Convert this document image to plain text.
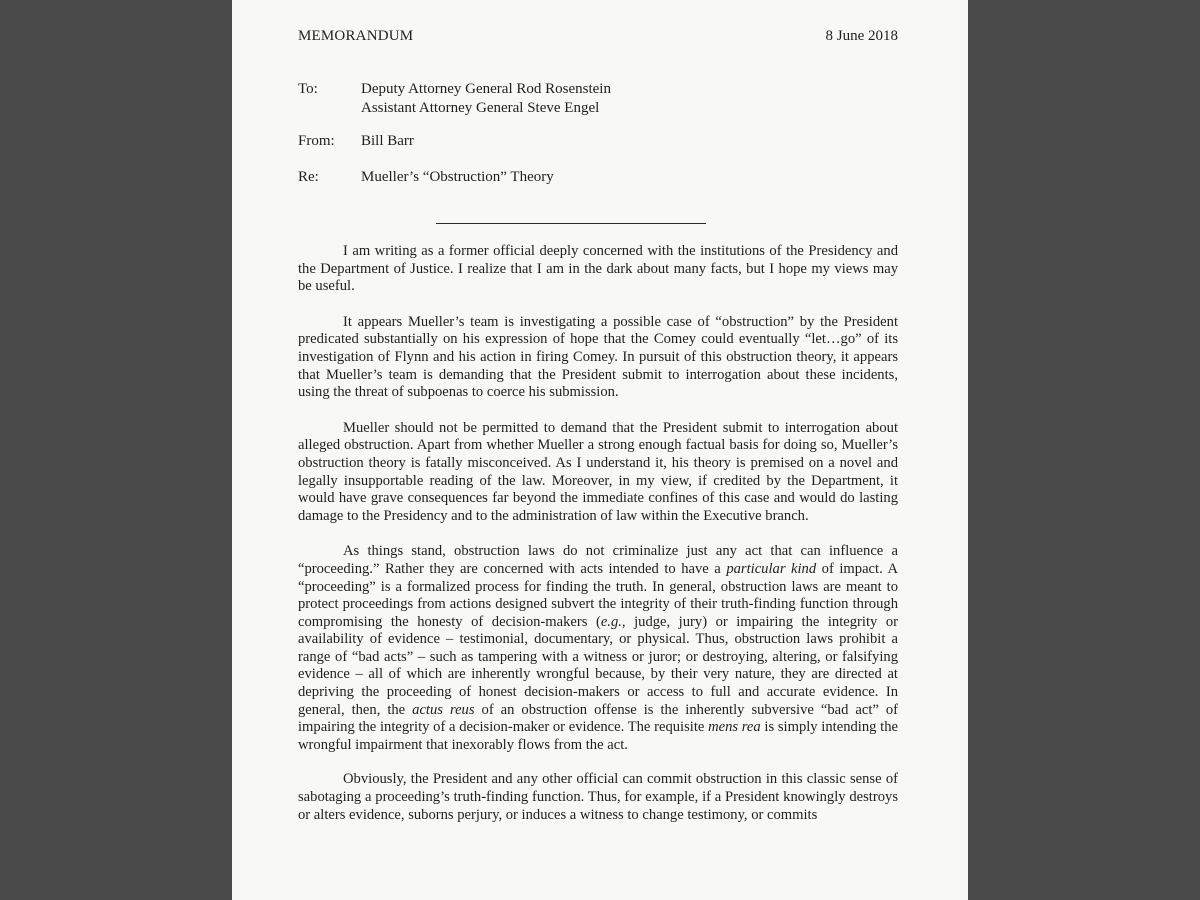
MEMORANDUM	8 June 2018
To:	Deputy Attorney General Rod Rosenstein
Assistant Attorney General Steve Engel
From:	Bill Barr
Re:	Mueller’s “Obstruction” Theory

I am writing as a former official deeply concerned with the institutions of the Presidency and the Department of Justice. I realize that I am in the dark about many facts, but I hope my views may be useful.

It appears Mueller’s team is investigating a possible case of “obstruction” by the President predicated substantially on his expression of hope that the Comey could eventually “let…go” of its investigation of Flynn and his action in firing Comey. In pursuit of this obstruction theory, it appears that Mueller’s team is demanding that the President submit to interrogation about these incidents, using the threat of subpoenas to coerce his submission.

Mueller should not be permitted to demand that the President submit to interrogation about alleged obstruction. Apart from whether Mueller a strong enough factual basis for doing so, Mueller’s obstruction theory is fatally misconceived. As I understand it, his theory is premised on a novel and legally insupportable reading of the law. Moreover, in my view, if credited by the Department, it would have grave consequences far beyond the immediate confines of this case and would do lasting damage to the Presidency and to the administration of law within the Executive branch.

As things stand, obstruction laws do not criminalize just any act that can influence a “proceeding.” Rather they are concerned with acts intended to have a particular kind of impact. A “proceeding” is a formalized process for finding the truth. In general, obstruction laws are meant to protect proceedings from actions designed subvert the integrity of their truth-finding function through compromising the honesty of decision-makers (e.g., judge, jury) or impairing the integrity or availability of evidence – testimonial, documentary, or physical. Thus, obstruction laws prohibit a range of “bad acts” – such as tampering with a witness or juror; or destroying, altering, or falsifying evidence – all of which are inherently wrongful because, by their very nature, they are directed at depriving the proceeding of honest decision-makers or access to full and accurate evidence. In general, then, the actus reus of an obstruction offense is the inherently subversive “bad act” of impairing the integrity of a decision-maker or evidence. The requisite mens rea is simply intending the wrongful impairment that inexorably flows from the act.

Obviously, the President and any other official can commit obstruction in this classic sense of sabotaging a proceeding’s truth-finding function. Thus, for example, if a President knowingly destroys or alters evidence, suborns perjury, or induces a witness to change testimony, or commits
